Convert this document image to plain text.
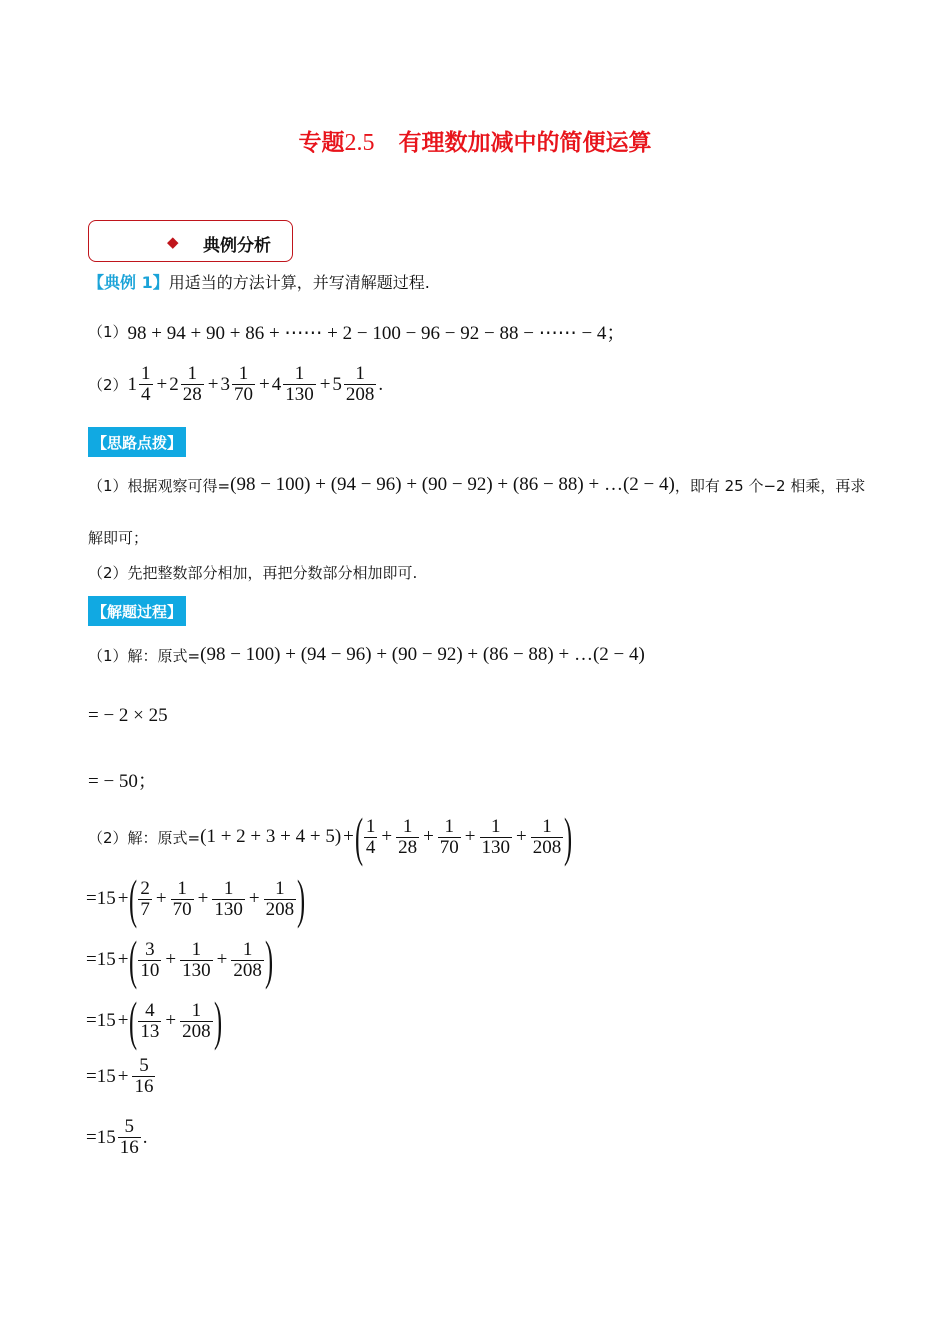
专题2.5 有理数加减中的简便运算
◆ 典例分析
【典例 1】 用适当的方法计算，并写清解题过程.
（1） 98 + 94 + 90 + 86 + ⋯⋯ + 2 − 100 − 96 − 92 − 88 − ⋯⋯ − 4；
（2） $1 \frac{1}{4} + 2 \frac{1}{28} + 3 \frac{1}{70} + 4 \frac{1}{130} + 5 \frac{1}{208}$ .
【思路点拨】
（1）根据观察可得= (98 − 100) + (94 − 96) + (90 − 92) + (86 − 88) + …(2 − 4) ，即有 25 个−2 相乘，再求
解即可；
（2）先把整数部分相加，再把分数部分相加即可.
【解题过程】
（1）解：原式= (98 − 100) + (94 − 96) + (90 − 92) + (86 − 88) + …(2 − 4)
= − 2 × 25
= − 50；
（2）解：原式= ( 1 + 2 + 3 + 4 + 5 ) + ( $\frac{1}{4} + \frac{1}{28} + \frac{1}{70} + \frac{1}{130} + \frac{1}{208}$ )
= 15 + ( $\frac{2}{7} + \frac{1}{70} + \frac{1}{130} + \frac{1}{208}$ )
= 15 + ( $\frac{3}{10} + \frac{1}{130} + \frac{1}{208}$ )
= 15 + ( $\frac{4}{13} + \frac{1}{208}$ )
= $15 + \frac{5}{16}$
= $15 \frac{5}{16}$ .
